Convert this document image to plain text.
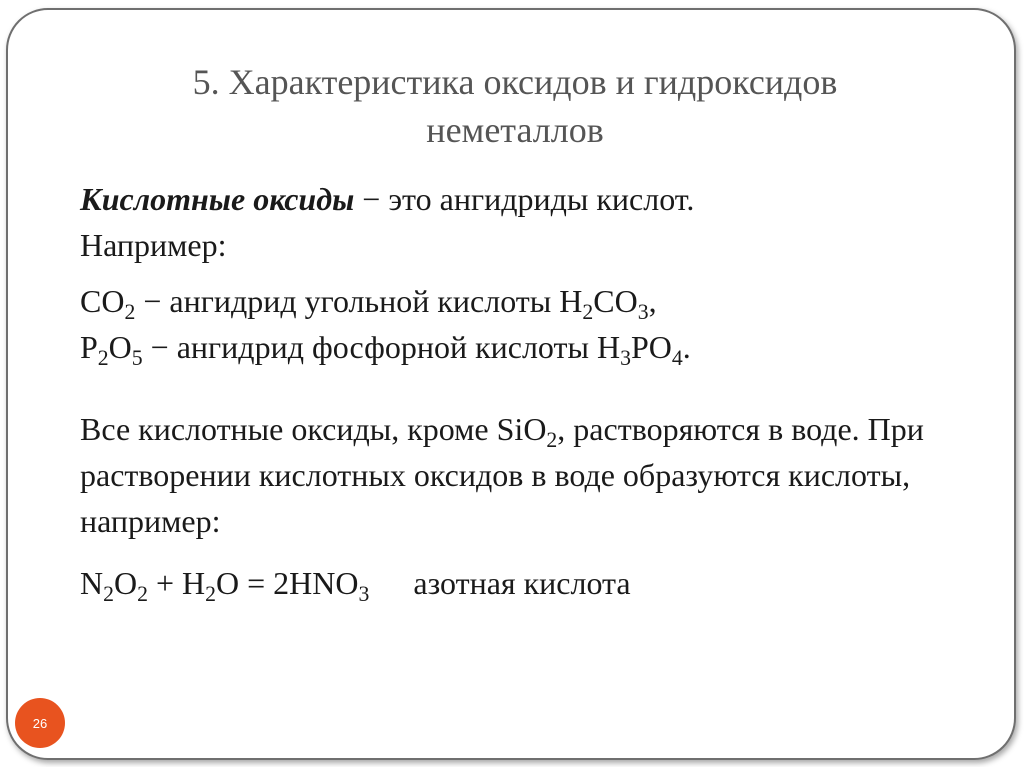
5. Характеристика оксидов и гидроксидов
неметаллов

Кислотные оксиды − это ангидриды кислот.

Например:

$CO_2$ − ангидрид угольной кислоты $H_2CO_3$,

$P_2O_5$ − ангидрид фосфорной кислоты $H_3PO_4$.

Все кислотные оксиды, кроме SiO$_2$, растворяются в воде. При растворении кислотных оксидов в воде образуются кислоты, например:

$N_2O_2 + H_2O = 2HNO_3$ азотная кислота

26
